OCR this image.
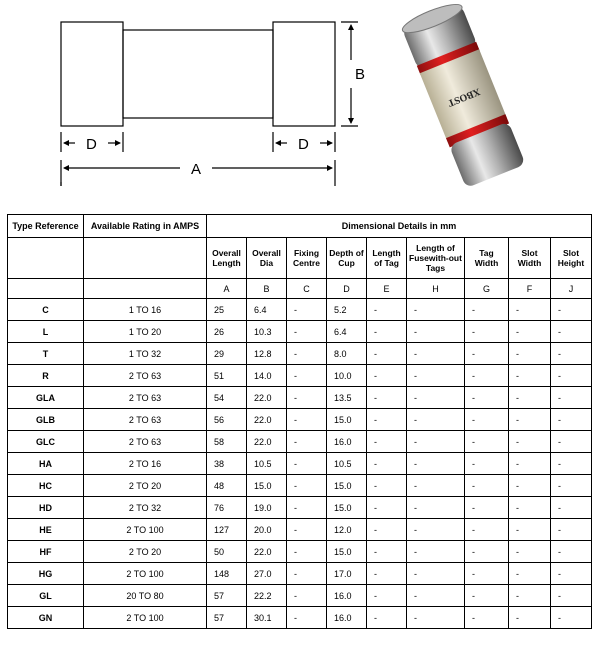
D	D
A
B
XBOST
Type Reference	Available Rating in AMPS	Dimensional Details in mm								
		Overall Length	Overall Dia	Fixing Centre	Depth of Cup	Length of Tag	Length of Fusewith-out Tags	Tag Width	Slot Width	Slot Height
		A	B	C	D	E	H	G	F	J
C	1 TO 16	25	6.4	-	5.2	-	-	-	-	-
L	1 TO 20	26	10.3	-	6.4	-	-	-	-	-
T	1 TO 32	29	12.8	-	8.0	-	-	-	-	-
R	2 TO 63	51	14.0	-	10.0	-	-	-	-	-
GLA	2 TO 63	54	22.0	-	13.5	-	-	-	-	-
GLB	2 TO 63	56	22.0	-	15.0	-	-	-	-	-
GLC	2 TO 63	58	22.0	-	16.0	-	-	-	-	-
HA	2 TO 16	38	10.5	-	10.5	-	-	-	-	-
HC	2 TO 20	48	15.0	-	15.0	-	-	-	-	-
HD	2 TO 32	76	19.0	-	15.0	-	-	-	-	-
HE	2 TO 100	127	20.0	-	12.0	-	-	-	-	-
HF	2 TO 20	50	22.0	-	15.0	-	-	-	-	-
HG	2 TO 100	148	27.0	-	17.0	-	-	-	-	-
GL	20 TO 80	57	22.2	-	16.0	-	-	-	-	-
GN	2 TO 100	57	30.1	-	16.0	-	-	-	-	-
